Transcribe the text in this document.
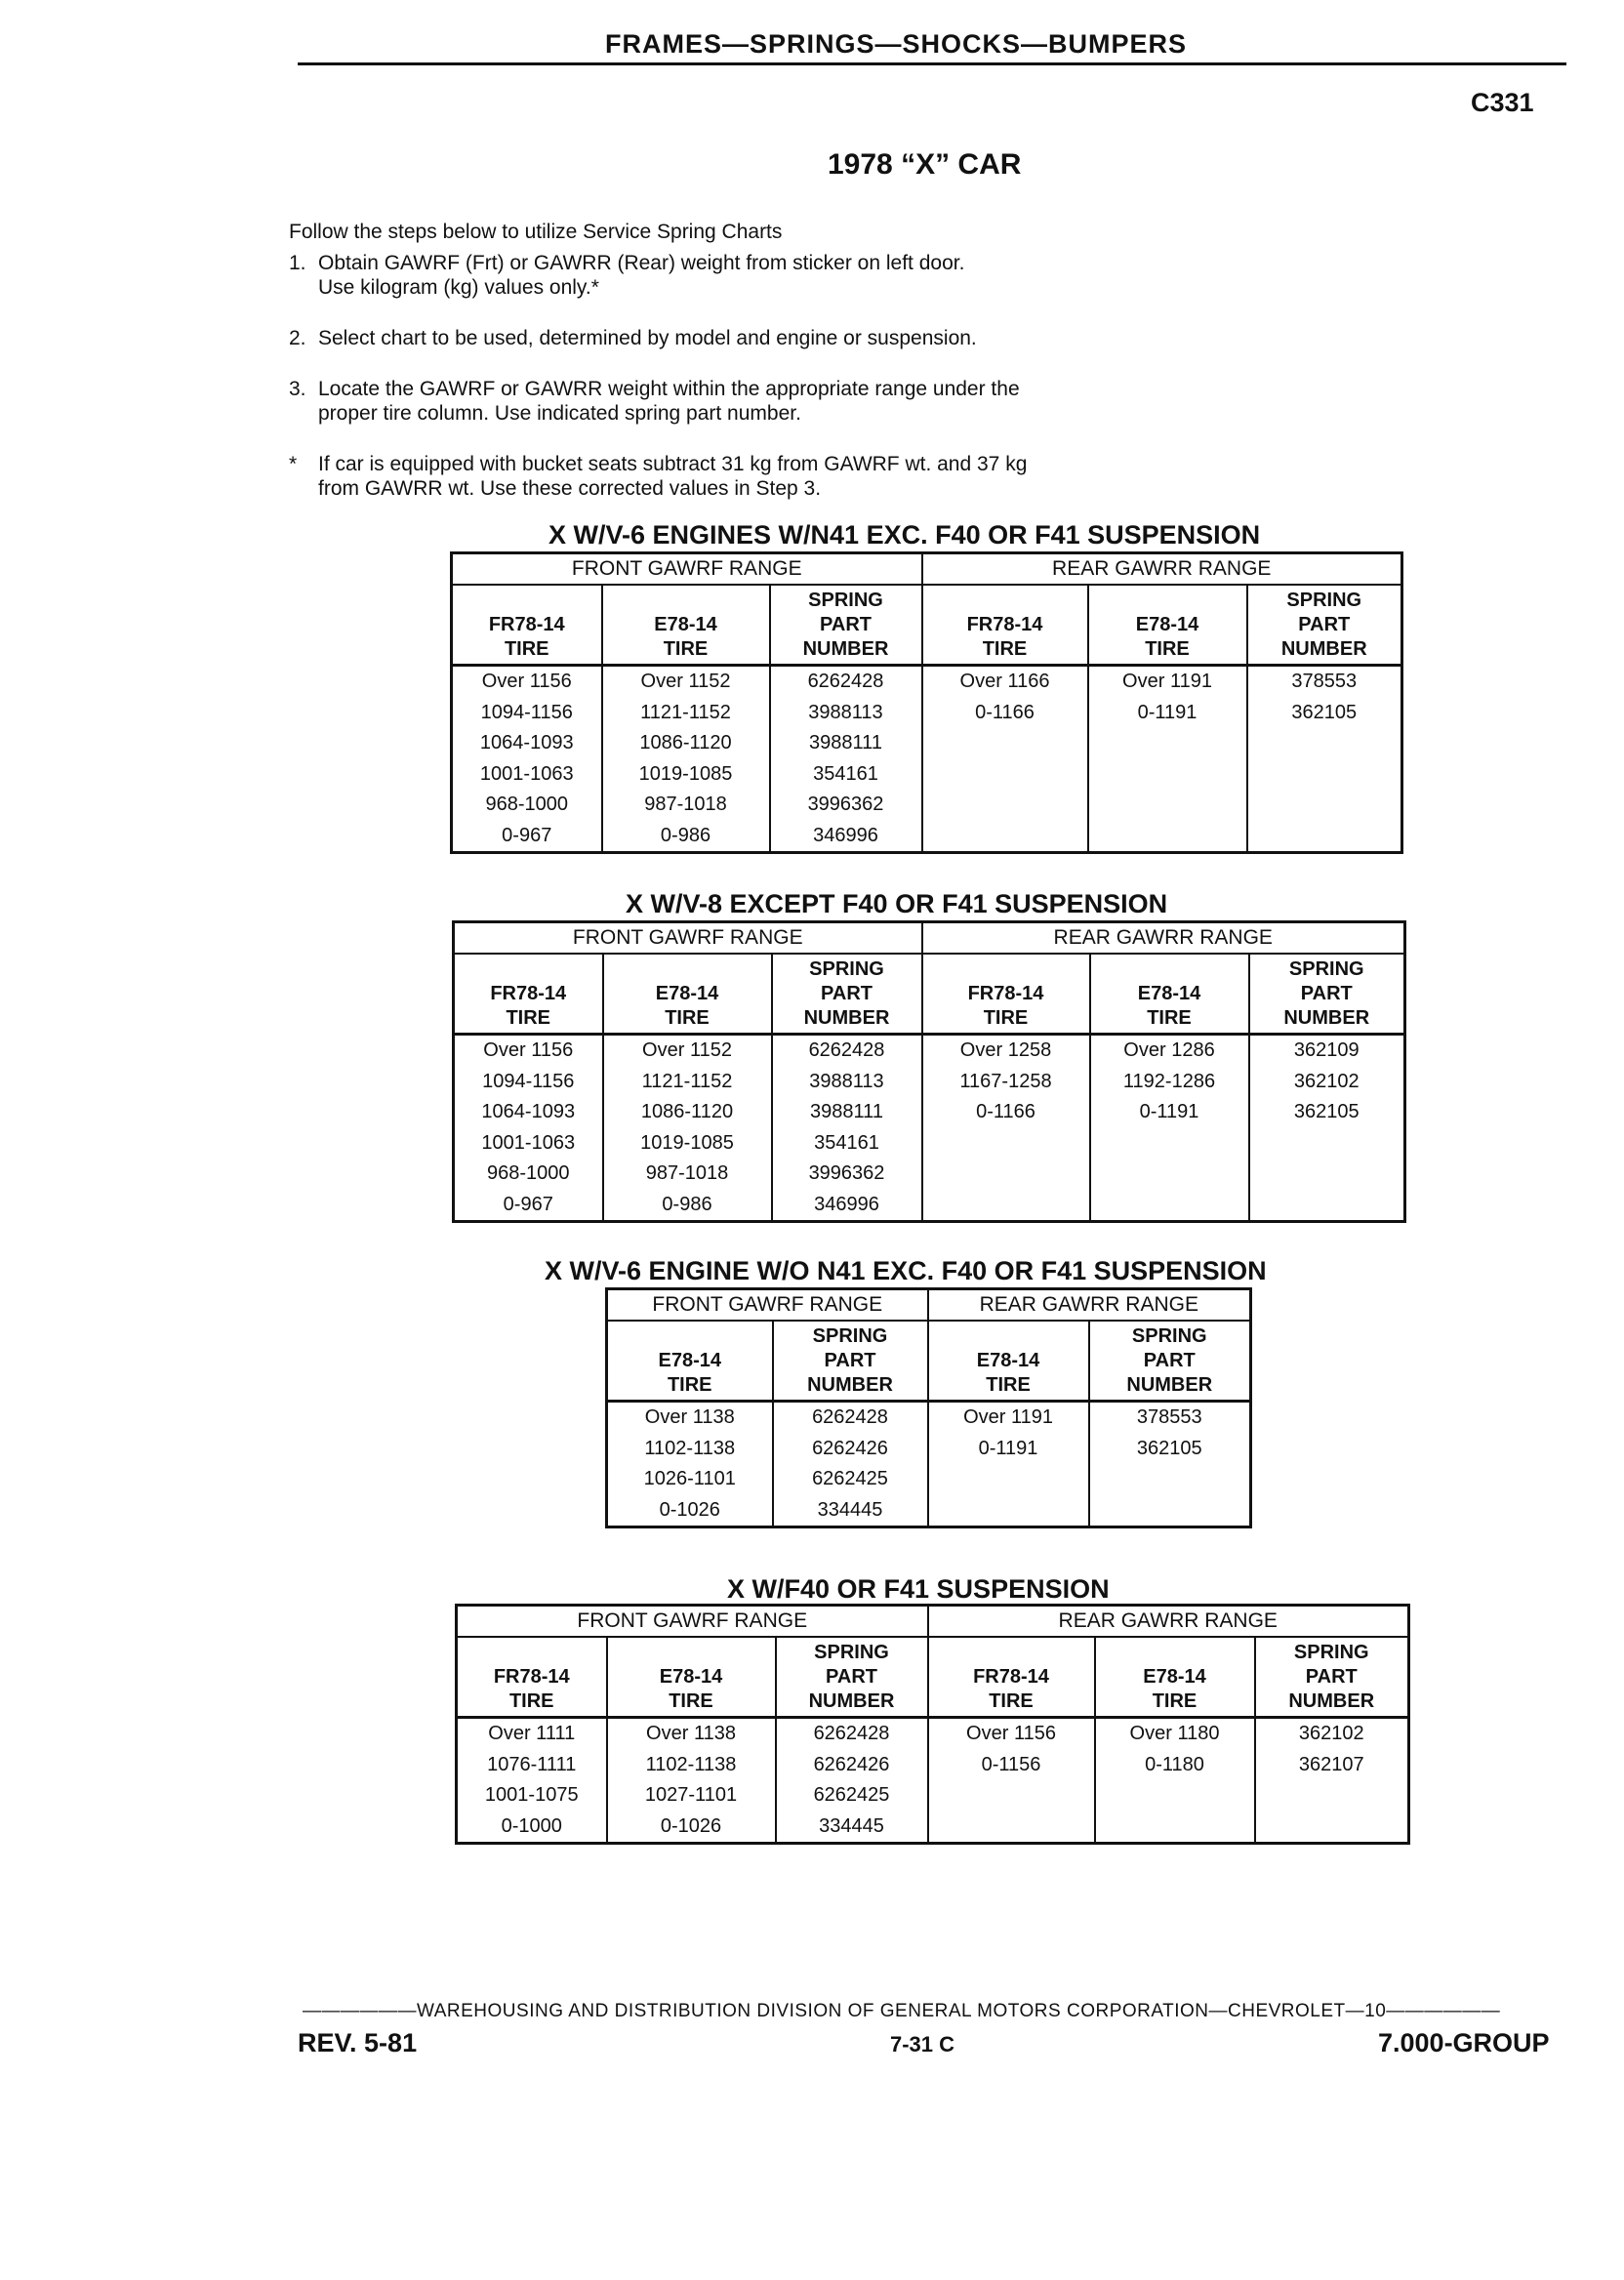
FRAMES—SPRINGS—SHOCKS—BUMPERS
C331
1978 “X” CAR
Follow the steps below to utilize Service Spring Charts
1. Obtain GAWRF (Frt) or GAWRR (Rear) weight from sticker on left door.
Use kilogram (kg) values only.*
2. Select chart to be used, determined by model and engine or suspension.
3. Locate the GAWRF or GAWRR weight within the appropriate range under the
proper tire column. Use indicated spring part number.
* If car is equipped with bucket seats subtract 31 kg from GAWRF wt. and 37 kg
from GAWRR wt. Use these corrected values in Step 3.
X W/V-6 ENGINES W/N41 EXC. F40 OR F41 SUSPENSION
FRONT GAWRF RANGE			REAR GAWRR RANGE		
FR78-14
TIRE	E78-14
TIRE	SPRING
PART
NUMBER	FR78-14
TIRE	E78-14
TIRE	SPRING
PART
NUMBER
Over 1156	Over 1152	6262428	Over 1166	Over 1191	378553
1094-1156	1121-1152	3988113	0-1166	0-1191	362105
1064-1093	1086-1120	3988111			
1001-1063	1019-1085	354161			
968-1000	987-1018	3996362			
0-967	0-986	346996			
X W/V-8 EXCEPT F40 OR F41 SUSPENSION
FRONT GAWRF RANGE			REAR GAWRR RANGE		
FR78-14
TIRE	E78-14
TIRE	SPRING
PART
NUMBER	FR78-14
TIRE	E78-14
TIRE	SPRING
PART
NUMBER
Over 1156	Over 1152	6262428	Over 1258	Over 1286	362109
1094-1156	1121-1152	3988113	1167-1258	1192-1286	362102
1064-1093	1086-1120	3988111	0-1166	0-1191	362105
1001-1063	1019-1085	354161			
968-1000	987-1018	3996362			
0-967	0-986	346996			
X W/V-6 ENGINE W/O N41 EXC. F40 OR F41 SUSPENSION
FRONT GAWRF RANGE		REAR GAWRR RANGE	
E78-14
TIRE	SPRING
PART
NUMBER	E78-14
TIRE	SPRING
PART
NUMBER
Over 1138	6262428	Over 1191	378553
1102-1138	6262426	0-1191	362105
1026-1101	6262425		
0-1026	334445		
X W/F40 OR F41 SUSPENSION
FRONT GAWRF RANGE			REAR GAWRR RANGE		
FR78-14
TIRE	E78-14
TIRE	SPRING
PART
NUMBER	FR78-14
TIRE	E78-14
TIRE	SPRING
PART
NUMBER
Over 1111	Over 1138	6262428	Over 1156	Over 1180	362102
1076-1111	1102-1138	6262426	0-1156	0-1180	362107
1001-1075	1027-1101	6262425			
0-1000	0-1026	334445			
——————WAREHOUSING AND DISTRIBUTION DIVISION OF GENERAL MOTORS CORPORATION—CHEVROLET—10——————
REV. 5-81	7-31 C	7.000-GROUP
